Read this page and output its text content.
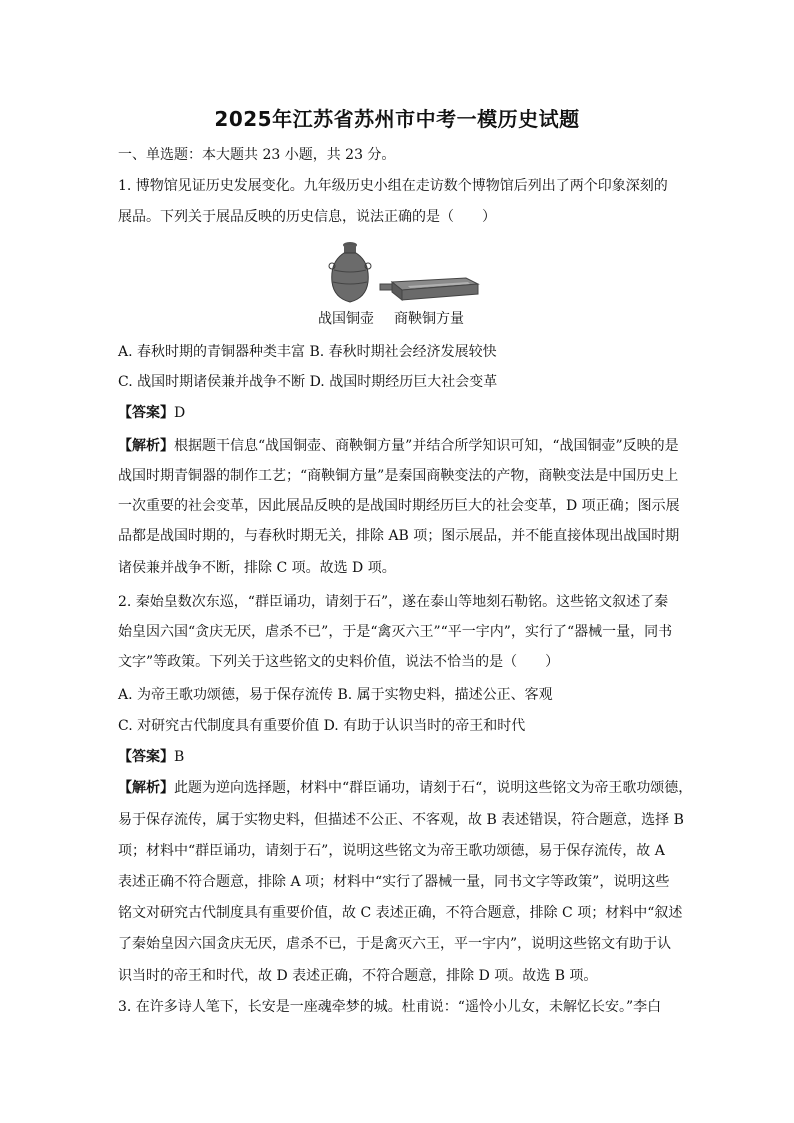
2025年江苏省苏州市中考一模历史试题
一、单选题：本大题共 23 小题，共 23 分。
1. 博物馆见证历史发展变化。九年级历史小组在走访数个博物馆后列出了两个印象深刻的
展品。下列关于展品反映的历史信息，说法正确的是（　　）
战国铜壶 商鞅铜方量
A. 春秋时期的青铜器种类丰富 B. 春秋时期社会经济发展较快
C. 战国时期诸侯兼并战争不断 D. 战国时期经历巨大社会变革
【答案】D
【解析】根据题干信息“战国铜壶、商鞅铜方量”并结合所学知识可知，“战国铜壶”反映的是
战国时期青铜器的制作工艺；“商鞅铜方量”是秦国商鞅变法的产物，商鞅变法是中国历史上
一次重要的社会变革，因此展品反映的是战国时期经历巨大的社会变革，D 项正确；图示展
品都是战国时期的，与春秋时期无关，排除 AB 项；图示展品，并不能直接体现出战国时期
诸侯兼并战争不断，排除 C 项。故选 D 项。
2. 秦始皇数次东巡，“群臣诵功，请刻于石”，遂在泰山等地刻石勒铭。这些铭文叙述了秦
始皇因六国“贪庆无厌，虐杀不已”，于是“禽灭六王”“平一宇内”，实行了“器械一量，同书
文字”等政策。下列关于这些铭文的史料价值，说法不恰当的是（　　）
A. 为帝王歌功颂德，易于保存流传 B. 属于实物史料，描述公正、客观
C. 对研究古代制度具有重要价值 D. 有助于认识当时的帝王和时代
【答案】B
【解析】此题为逆向选择题，材料中“群臣诵功，请刻于石“，说明这些铭文为帝王歌功颂德，
易于保存流传，属于实物史料，但描述不公正、不客观，故 B 表述错误，符合题意，选择 B
项；材料中“群臣诵功，请刻于石”，说明这些铭文为帝王歌功颂德，易于保存流传，故 A
表述正确不符合题意，排除 A 项；材料中“实行了器械一量，同书文字等政策”，说明这些
铭文对研究古代制度具有重要价值，故 C 表述正确，不符合题意，排除 C 项；材料中“叙述
了秦始皇因六国贪庆无厌，虐杀不已，于是禽灭六王，平一宇内”，说明这些铭文有助于认
识当时的帝王和时代，故 D 表述正确，不符合题意，排除 D 项。故选 B 项。
3. 在许多诗人笔下，长安是一座魂牵梦的城。杜甫说：“遥怜小儿女，未解忆长安。”李白
